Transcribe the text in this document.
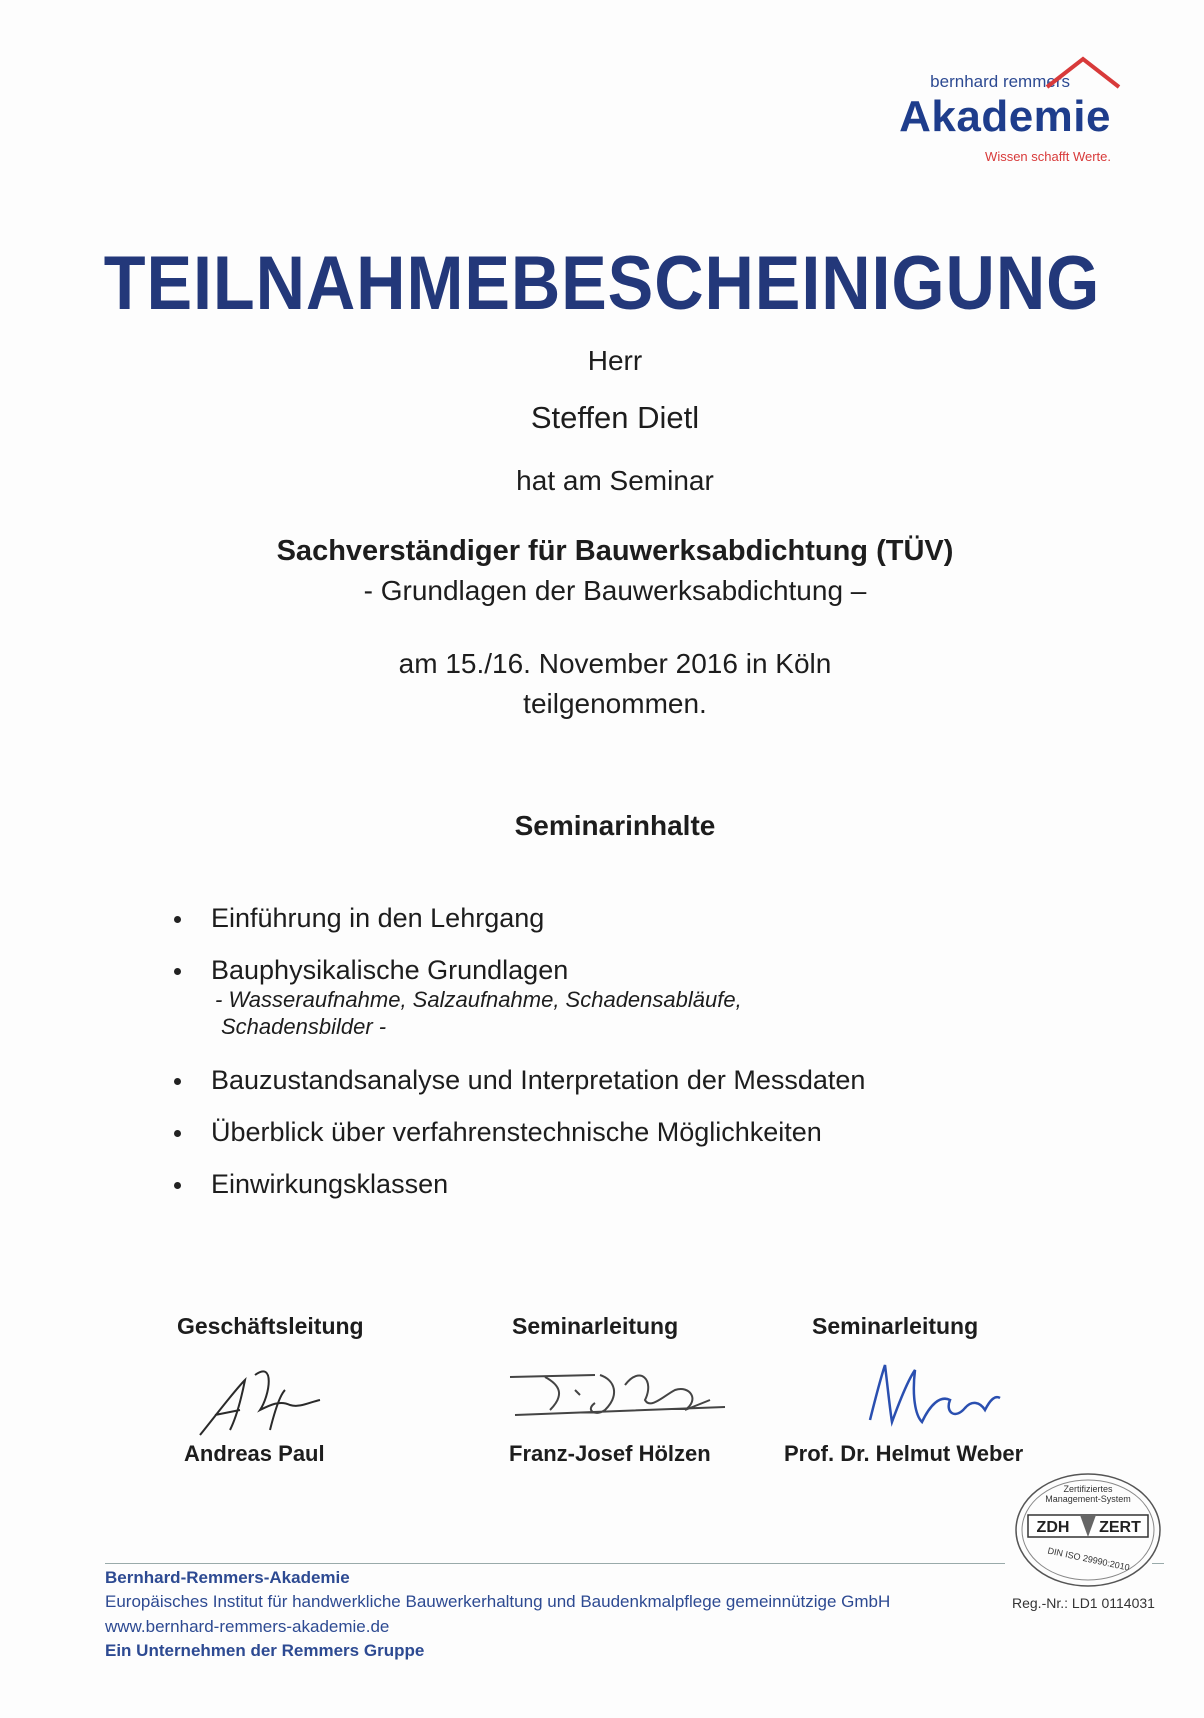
bernhard remmers
Akademie
Wissen schafft Werte.
TEILNAHMEBESCHEINIGUNG
Herr
Steffen Dietl
hat am Seminar
Sachverständiger für Bauwerksabdichtung (TÜV)
- Grundlagen der Bauwerksabdichtung –
am 15./16. November 2016 in Köln
teilgenommen.
Seminarinhalte
Einführung in den Lehrgang
Bauphysikalische Grundlagen
- Wasseraufnahme, Salzaufnahme, Schadensabläufe,
Schadensbilder -
Bauzustandsanalyse und Interpretation der Messdaten
Überblick über verfahrenstechnische Möglichkeiten
Einwirkungsklassen
Geschäftsleitung	Seminarleitung	Seminarleitung
Andreas Paul	Franz-Josef Hölzen	Prof. Dr. Helmut Weber
Zertifiziertes
Management-System
ZDH ZERT
DIN ISO 29990:2010
Reg.-Nr.: LD1 0114031
Bernhard-Remmers-Akademie
Europäisches Institut für handwerkliche Bauwerkerhaltung und Baudenkmalpflege gemeinnützige GmbH
www.bernhard-remmers-akademie.de
Ein Unternehmen der Remmers Gruppe
